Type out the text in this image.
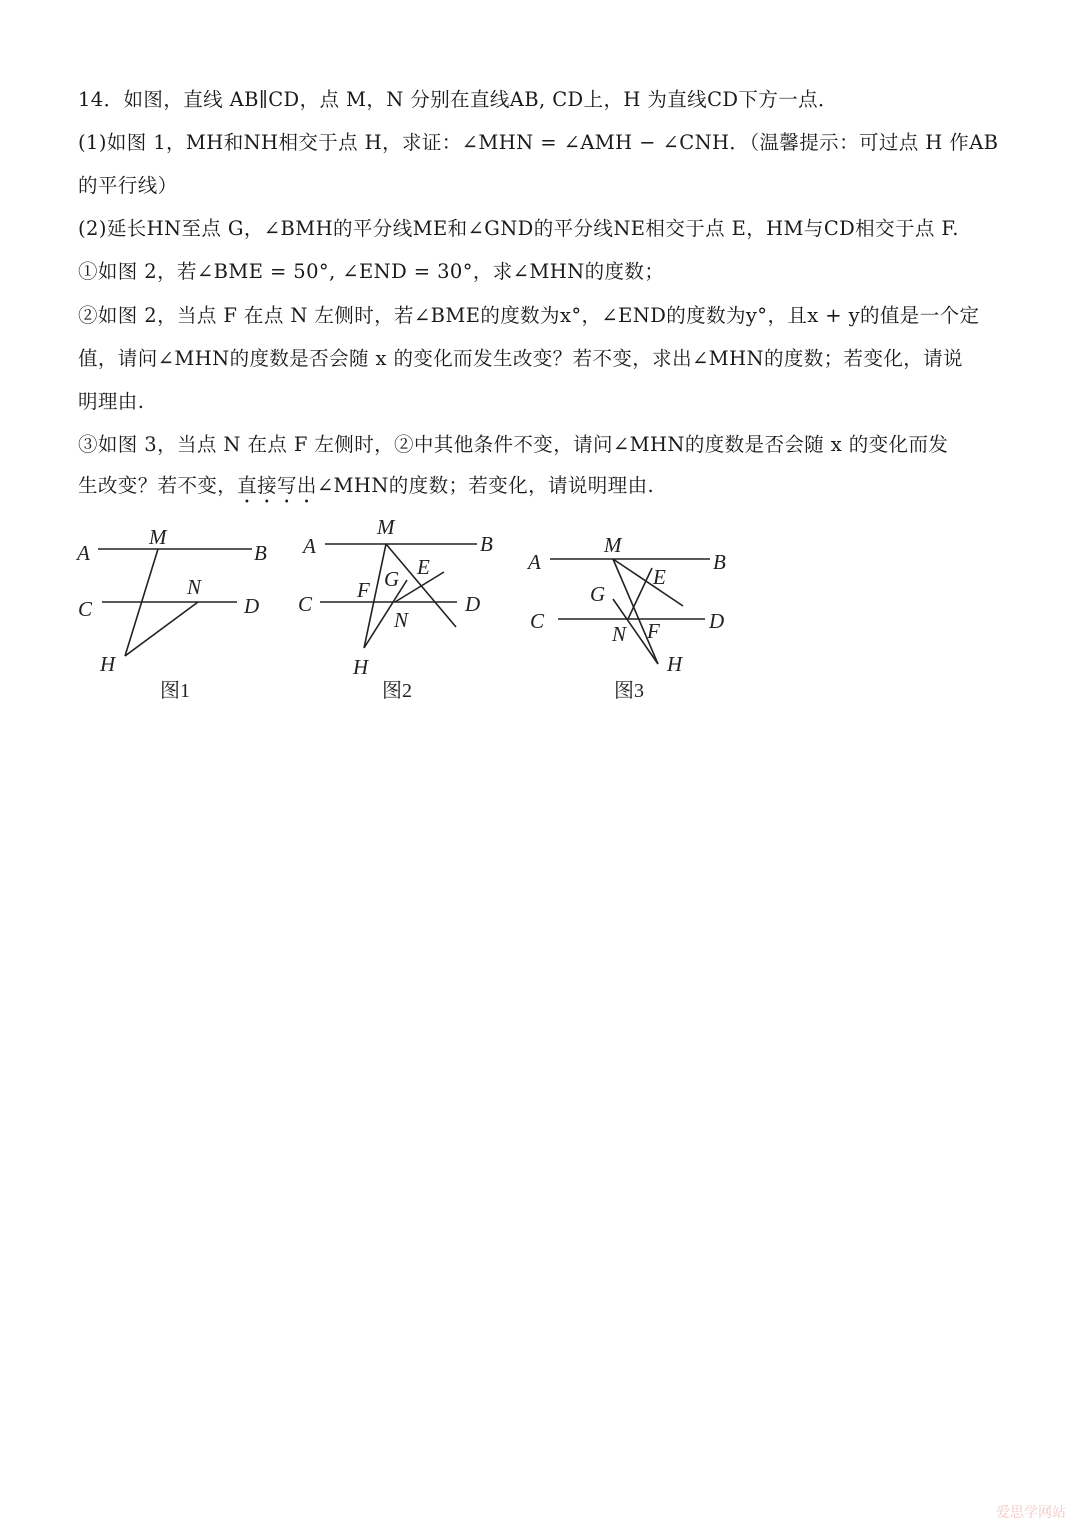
14．如图，直线 AB∥CD，点 M，N 分别在直线AB, CD上，H 为直线CD下方一点．
(1)如图 1，MH和NH相交于点 H，求证：∠MHN = ∠AMH − ∠CNH．（温馨提示：可过点 H 作AB
的平行线）
(2)延长HN至点 G，∠BMH的平分线ME和∠GND的平分线NE相交于点 E，HM与CD相交于点 F.
①如图 2，若∠BME = 50°, ∠END = 30°，求∠MHN的度数；
②如图 2，当点 F 在点 N 左侧时，若∠BME的度数为x°，∠END的度数为y°，且x + y的值是一个定
值，请问∠MHN的度数是否会随 x 的变化而发生改变？若不变，求出∠MHN的度数；若变化，请说
明理由.
③如图 3，当点 N 在点 F 左侧时，②中其他条件不变，请问∠MHN的度数是否会随 x 的变化而发
生改变？若不变，直接写出∠MHN的度数；若变化，请说明理由.
A	B
M
C	D
N
H
图1
A	B
M
C	D
F G E
N
H
图2
A	B
M
G
E
C	D
N F
H
图3
爱思学网站
